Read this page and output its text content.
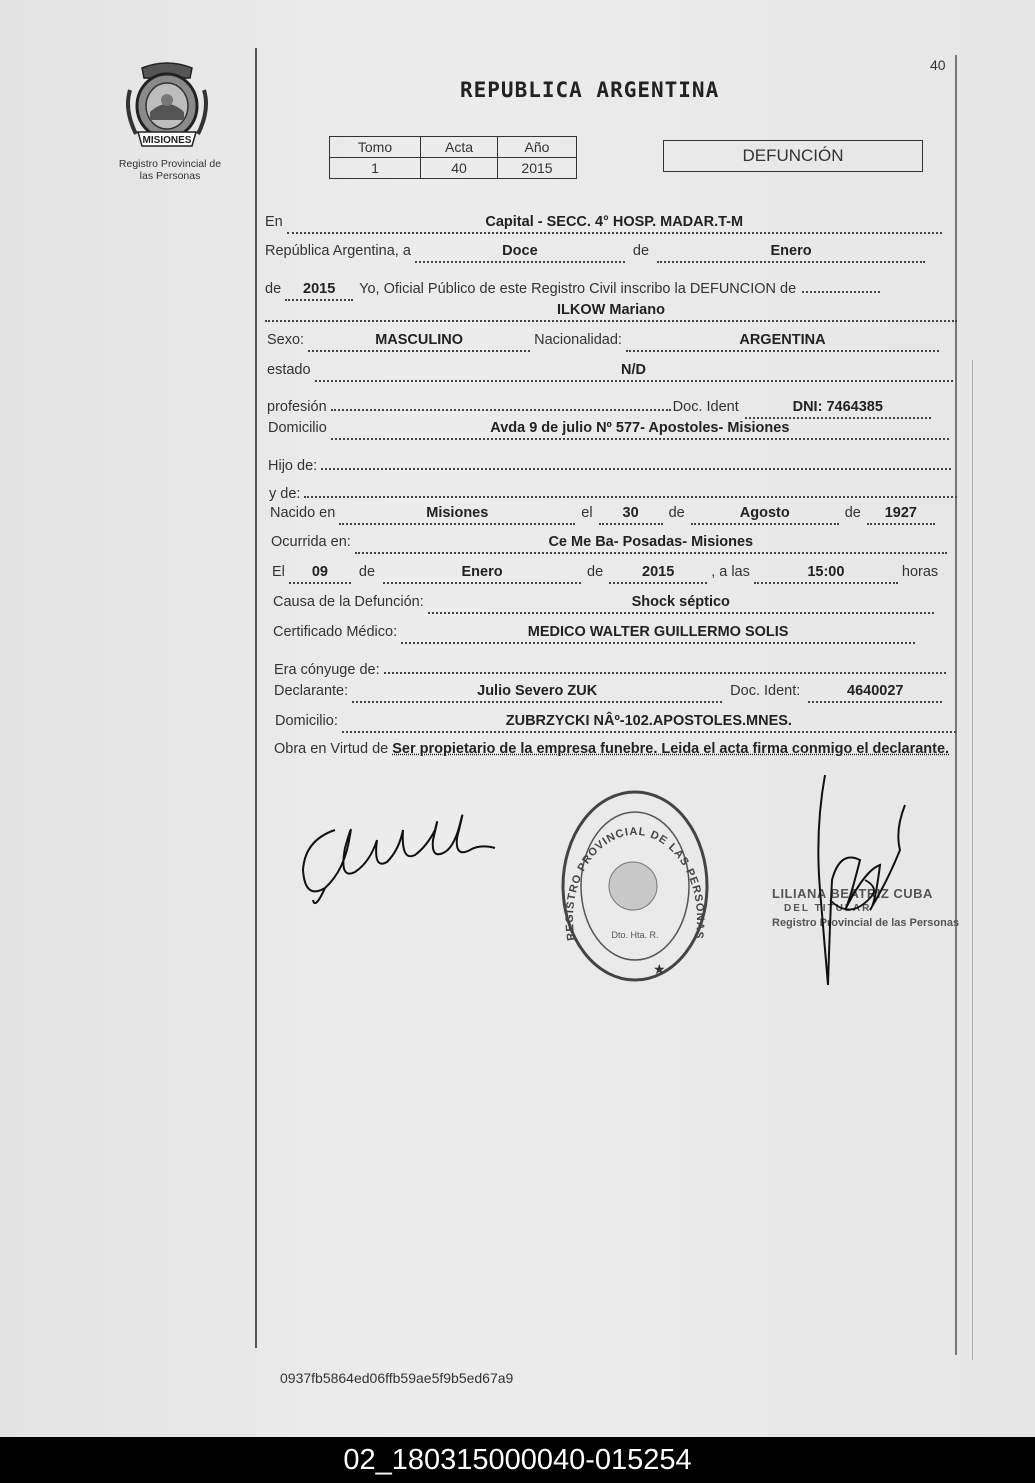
40
MISIONES
Registro Provincial de
las Personas
REPUBLICA ARGENTINA
Tomo	Acta	Año
1	40	2015
DEFUNCIÓN
En	Capital - SECC. 4° HOSP. MADAR.T-M
República Argentina, a	Doce	de	Enero
de	2015	Yo, Oficial Público de este Registro Civil inscribo la DEFUNCION de
ILKOW Mariano
Sexo:	MASCULINO	Nacionalidad:	ARGENTINA
estado	N/D
profesión	Doc. Ident	DNI: 7464385
Domicilio	Avda 9 de julio Nº 577- Apostoles- Misiones
Hijo de:
y de:
Nacido en	Misiones	el	30	de	Agosto	de	1927
Ocurrida en:	Ce Me Ba- Posadas- Misiones
El	09	de	Enero	de	2015	, a las	15:00	horas
Causa de la Defunción:	Shock séptico
Certificado Médico:	MEDICO WALTER GUILLERMO SOLIS
Era cónyuge de:
Declarante:	Julio Severo ZUK	Doc. Ident:	4640027
Domicilio:	ZUBRZYCKI NÂº-102.APOSTOLES.MNES.
Obra en Virtud de Ser propietario de la empresa funebre. Leida el acta firma conmigo el declarante.
REGISTRO PROVINCIAL DE LAS PERSONAS
Dto. Hta. R.
★
LILIANA BEATRIZ CUBA
DEL TITULAR
Registro Provincial de las Personas
0937fb5864ed06ffb59ae5f9b5ed67a9
02_180315000040-015254
